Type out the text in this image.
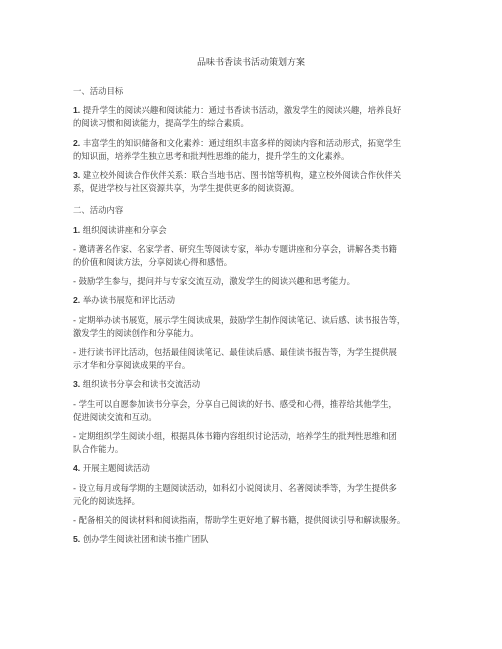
品味书香读书活动策划方案
一、活动目标
1. 提升学生的阅读兴趣和阅读能力：通过书香读书活动，激发学生的阅读兴趣，培养良好
的阅读习惯和阅读能力，提高学生的综合素质。
2. 丰富学生的知识储备和文化素养：通过组织丰富多样的阅读内容和活动形式，拓宽学生
的知识面，培养学生独立思考和批判性思维的能力，提升学生的文化素养。
3. 建立校外阅读合作伙伴关系：联合当地书店、图书馆等机构，建立校外阅读合作伙伴关
系，促进学校与社区资源共享，为学生提供更多的阅读资源。
二、活动内容
1. 组织阅读讲座和分享会
- 邀请著名作家、名家学者、研究生等阅读专家，举办专题讲座和分享会，讲解各类书籍
的价值和阅读方法，分享阅读心得和感悟。
- 鼓励学生参与，提问并与专家交流互动，激发学生的阅读兴趣和思考能力。
2. 举办读书展览和评比活动
- 定期举办读书展览，展示学生阅读成果，鼓励学生制作阅读笔记、读后感、读书报告等，
激发学生的阅读创作和分享能力。
- 进行读书评比活动，包括最佳阅读笔记、最佳读后感、最佳读书报告等，为学生提供展
示才华和分享阅读成果的平台。
3. 组织读书分享会和读书交流活动
- 学生可以自愿参加读书分享会，分享自己阅读的好书、感受和心得，推荐给其他学生，
促进阅读交流和互动。
- 定期组织学生阅读小组，根据具体书籍内容组织讨论活动，培养学生的批判性思维和团
队合作能力。
4. 开展主题阅读活动
- 设立每月或每学期的主题阅读活动，如科幻小说阅读月、名著阅读季等，为学生提供多
元化的阅读选择。
- 配备相关的阅读材料和阅读指南，帮助学生更好地了解书籍，提供阅读引导和解读服务。
5. 创办学生阅读社团和读书推广团队
